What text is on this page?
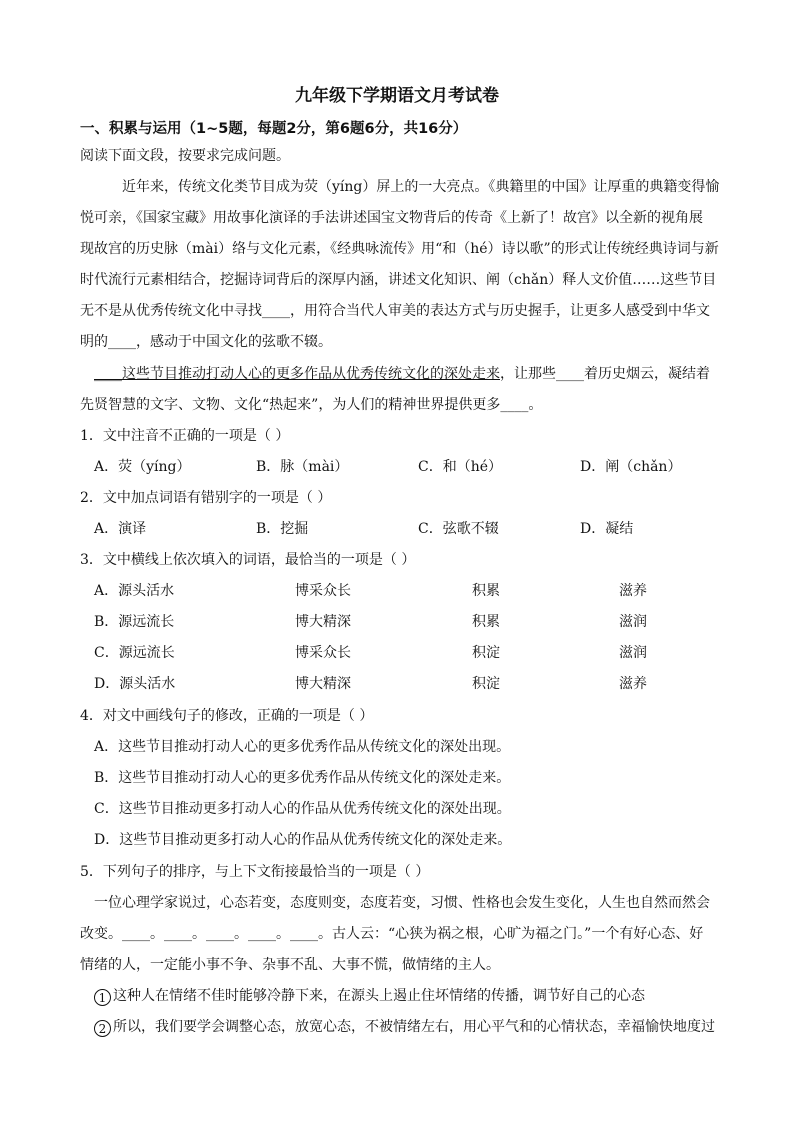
九年级下学期语文月考试卷
一、积累与运用（1~5题，每题2分，第6题6分，共16分）
阅读下面文段，按要求完成问题。
近年来，传统文化类节目成为荧（yíng）屏上的一大亮点。《典籍里的中国》让厚重的典籍变得愉
悦可亲，《国家宝藏》用故事化演译的手法讲述国宝文物背后的传奇《上新了！故宫》以全新的视角展
现故宫的历史脉（mài）络与文化元素，《经典咏流传》用“和（hé）诗以歌”的形式让传统经典诗词与新
时代流行元素相结合，挖掘诗词背后的深厚内涵，讲述文化知识、阐（chǎn）释人文价值……这些节目
无不是从优秀传统文化中寻找____，用符合当代人审美的表达方式与历史握手，让更多人感受到中华文
明的____，感动于中国文化的弦歌不辍。
____这些节目推动打动人心的更多作品从优秀传统文化的深处走来，让那些____着历史烟云，凝结着
先贤智慧的文字、文物、文化“热起来”，为人们的精神世界提供更多____。
1．文中注音不正确的一项是（ ）
A．荧（yíng）	B．脉（mài）	C．和（hé）	D．阐（chǎn）
2．文中加点词语有错别字的一项是（ ）
A．演译	B．挖掘	C．弦歌不辍	D．凝结
3．文中横线上依次填入的词语，最恰当的一项是（ ）
A．源头活水	博采众长	积累	滋养
B．源远流长	博大精深	积累	滋润
C．源远流长	博采众长	积淀	滋润
D．源头活水	博大精深	积淀	滋养
4．对文中画线句子的修改，正确的一项是（ ）
A．这些节目推动打动人心的更多优秀作品从传统文化的深处出现。
B．这些节目推动打动人心的更多优秀作品从传统文化的深处走来。
C．这些节目推动更多打动人心的作品从优秀传统文化的深处出现。
D．这些节目推动更多打动人心的作品从优秀传统文化的深处走来。
5．下列句子的排序，与上下文衔接最恰当的一项是（ ）
一位心理学家说过，心态若变，态度则变，态度若变，习惯、性格也会发生变化，人生也自然而然会
改变。____。____。____。____。____。古人云：“心狭为祸之根，心旷为福之门。”一个有好心态、好
情绪的人，一定能小事不争、杂事不乱、大事不慌，做情绪的主人。
1 这种人在情绪不佳时能够冷静下来，在源头上遏止住坏情绪的传播，调节好自己的心态
2 所以，我们要学会调整心态，放宽心态，不被情绪左右，用心平气和的心情状态，幸福愉快地度过
